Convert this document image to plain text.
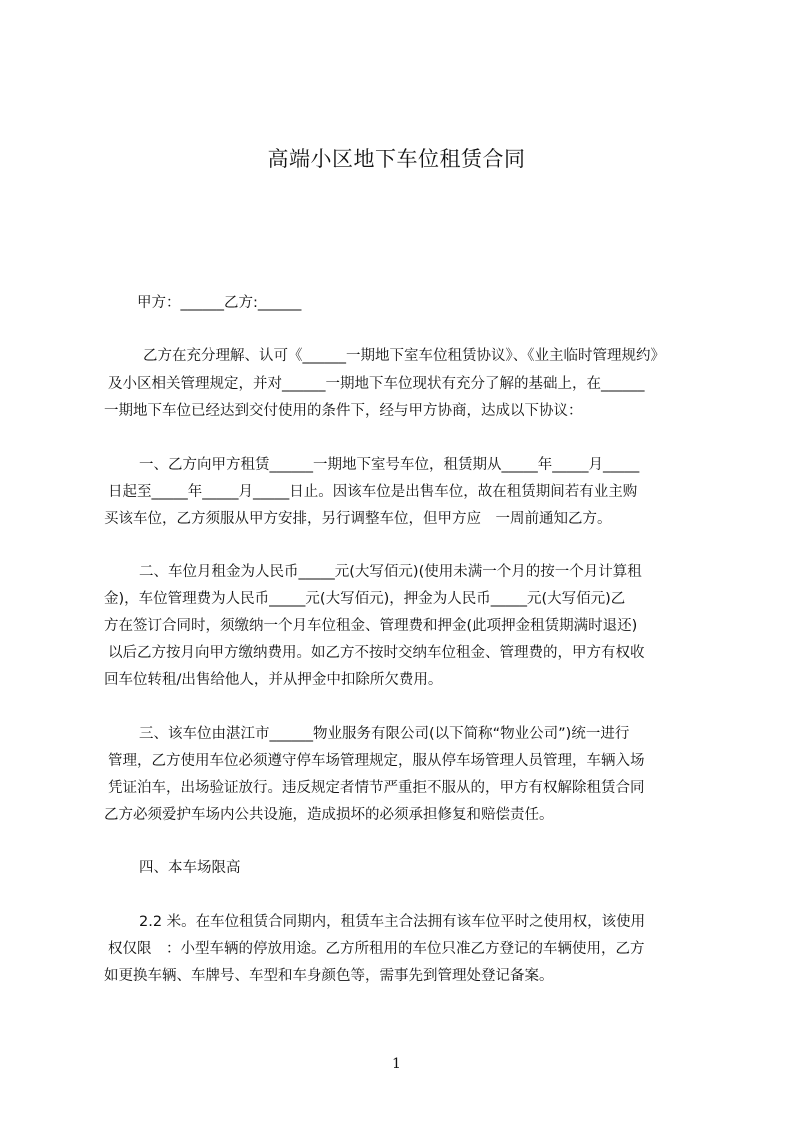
高端小区地下车位租赁合同

甲方：______乙方:______

乙方在充分理解、认可《______一期地下室车位租赁协议》、《业主临时管理规约》

及小区相关管理规定，并对______一期地下车位现状有充分了解的基础上，在______

一期地下车位已经达到交付使用的条件下，经与甲方协商，达成以下协议：

一、乙方向甲方租赁______一期地下室号车位，租赁期从_____年_____月_____

日起至_____年_____月_____日止。因该车位是出售车位，故在租赁期间若有业主购

买该车位，乙方须服从甲方安排，另行调整车位，但甲方应　一周前通知乙方。

二、车位月租金为人民币_____元(大写佰元)(使用未满一个月的按一个月计算租

金)，车位管理费为人民币_____元(大写佰元)，押金为人民币_____元(大写佰元)乙

方在签订合同时，须缴纳一个月车位租金、管理费和押金(此项押金租赁期满时退还)

以后乙方按月向甲方缴纳费用。如乙方不按时交纳车位租金、管理费的，甲方有权收

回车位转租/出售给他人，并从押金中扣除所欠费用。

三、该车位由湛江市______物业服务有限公司(以下简称“物业公司”)统一进行

管理，乙方使用车位必须遵守停车场管理规定，服从停车场管理人员管理，车辆入场

凭证泊车，出场验证放行。违反规定者情节严重拒不服从的，甲方有权解除租赁合同

乙方必须爱护车场内公共设施，造成损坏的必须承担修复和赔偿责任。

四、本车场限高

2.2 米。在车位租赁合同期内，租赁车主合法拥有该车位平时之使用权，该使用

权仅限　：小型车辆的停放用途。乙方所租用的车位只准乙方登记的车辆使用，乙方

如更换车辆、车牌号、车型和车身颜色等，需事先到管理处登记备案。

1
